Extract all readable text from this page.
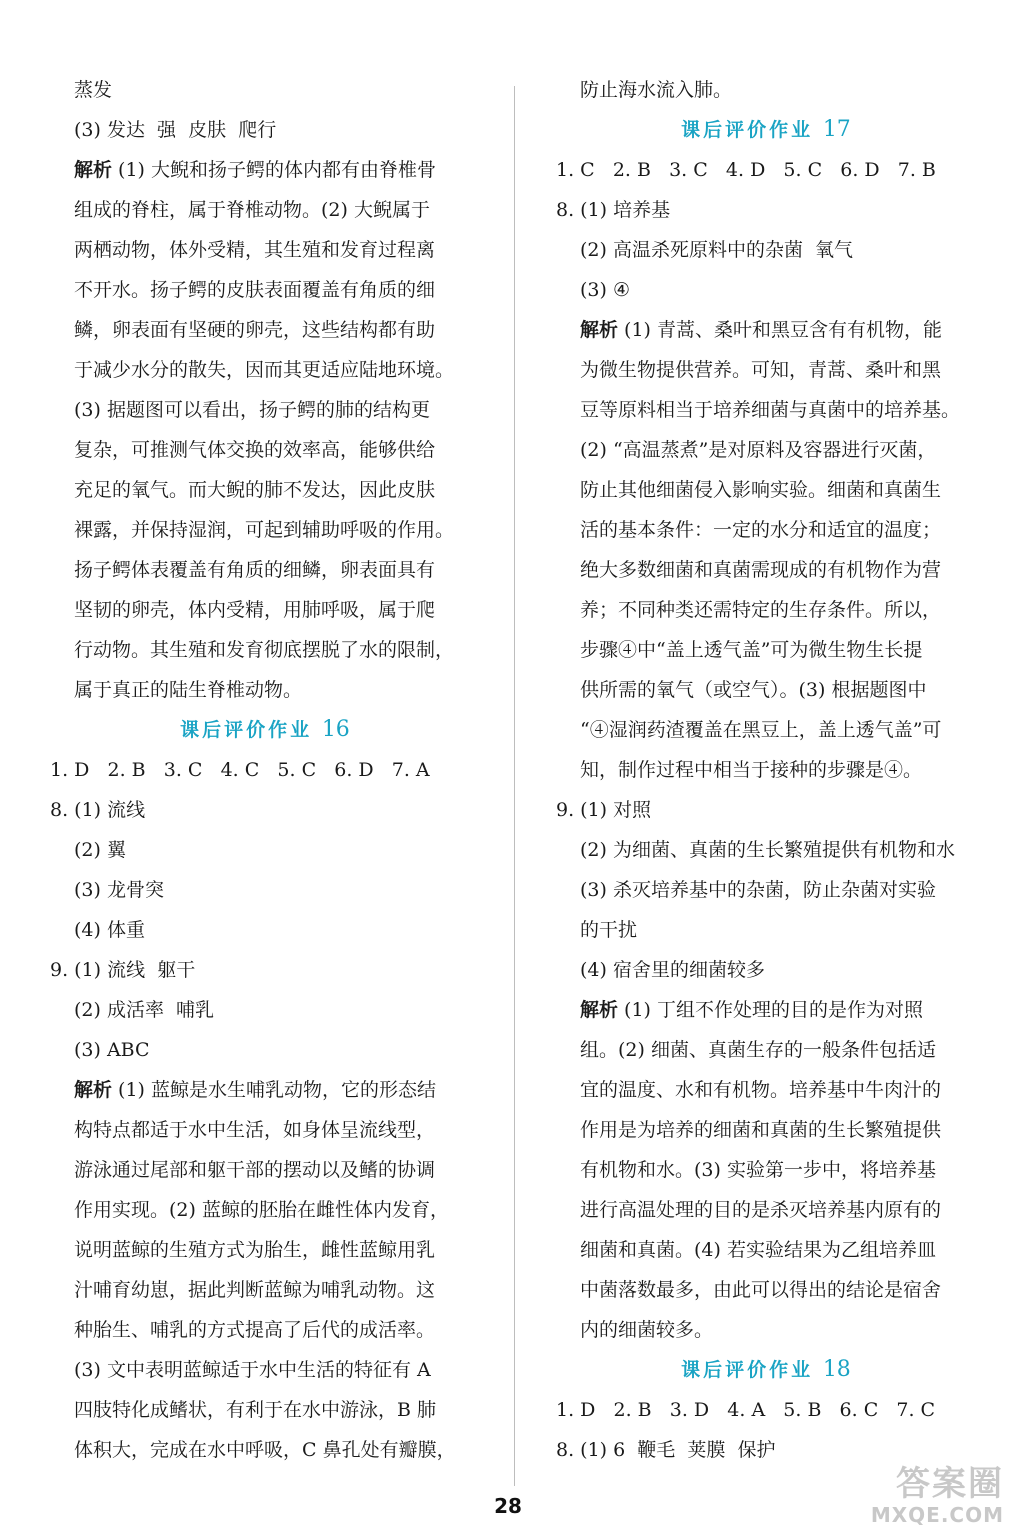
蒸发
(3) 发达  强  皮肤  爬行
解析 (1) 大鲵和扬子鳄的体内都有由脊椎骨
组成的脊柱，属于脊椎动物。(2) 大鲵属于
两栖动物，体外受精，其生殖和发育过程离
不开水。扬子鳄的皮肤表面覆盖有角质的细
鳞，卵表面有坚硬的卵壳，这些结构都有助
于减少水分的散失，因而其更适应陆地环境。
(3) 据题图可以看出，扬子鳄的肺的结构更
复杂，可推测气体交换的效率高，能够供给
充足的氧气。而大鲵的肺不发达，因此皮肤
裸露，并保持湿润，可起到辅助呼吸的作用。
扬子鳄体表覆盖有角质的细鳞，卵表面具有
坚韧的卵壳，体内受精，用肺呼吸，属于爬
行动物。其生殖和发育彻底摆脱了水的限制，
属于真正的陆生脊椎动物。
课后评价作业 16
1. D   2. B   3. C   4. C   5. C   6. D   7. A
8. (1) 流线
(2) 翼
(3) 龙骨突
(4) 体重
9. (1) 流线  躯干
(2) 成活率  哺乳
(3) ABC
解析 (1) 蓝鲸是水生哺乳动物，它的形态结
构特点都适于水中生活，如身体呈流线型，
游泳通过尾部和躯干部的摆动以及鳍的协调
作用实现。(2) 蓝鲸的胚胎在雌性体内发育，
说明蓝鲸的生殖方式为胎生，雌性蓝鲸用乳
汁哺育幼崽，据此判断蓝鲸为哺乳动物。这
种胎生、哺乳的方式提高了后代的成活率。
(3) 文中表明蓝鲸适于水中生活的特征有 A
四肢特化成鳍状，有利于在水中游泳，B 肺
体积大，完成在水中呼吸，C 鼻孔处有瓣膜，
防止海水流入肺。
课后评价作业 17
1. C   2. B   3. C   4. D   5. C   6. D   7. B
8. (1) 培养基
(2) 高温杀死原料中的杂菌  氧气
(3) ④
解析 (1) 青蒿、桑叶和黑豆含有有机物，能
为微生物提供营养。可知，青蒿、桑叶和黑
豆等原料相当于培养细菌与真菌中的培养基。
(2) “高温蒸煮”是对原料及容器进行灭菌，
防止其他细菌侵入影响实验。细菌和真菌生
活的基本条件：一定的水分和适宜的温度；
绝大多数细菌和真菌需现成的有机物作为营
养；不同种类还需特定的生存条件。所以，
步骤④中“盖上透气盖”可为微生物生长提
供所需的氧气（或空气）。(3) 根据题图中
“④湿润药渣覆盖在黑豆上，盖上透气盖”可
知，制作过程中相当于接种的步骤是④。
9. (1) 对照
(2) 为细菌、真菌的生长繁殖提供有机物和水
(3) 杀灭培养基中的杂菌，防止杂菌对实验
的干扰
(4) 宿舍里的细菌较多
解析 (1) 丁组不作处理的目的是作为对照
组。(2) 细菌、真菌生存的一般条件包括适
宜的温度、水和有机物。培养基中牛肉汁的
作用是为培养的细菌和真菌的生长繁殖提供
有机物和水。(3) 实验第一步中，将培养基
进行高温处理的目的是杀灭培养基内原有的
细菌和真菌。(4) 若实验结果为乙组培养皿
中菌落数最多，由此可以得出的结论是宿舍
内的细菌较多。
课后评价作业 18
1. D   2. B   3. D   4. A   5. B   6. C   7. C
8. (1) 6  鞭毛  荚膜  保护
28
答案圈
MXQE.COM
